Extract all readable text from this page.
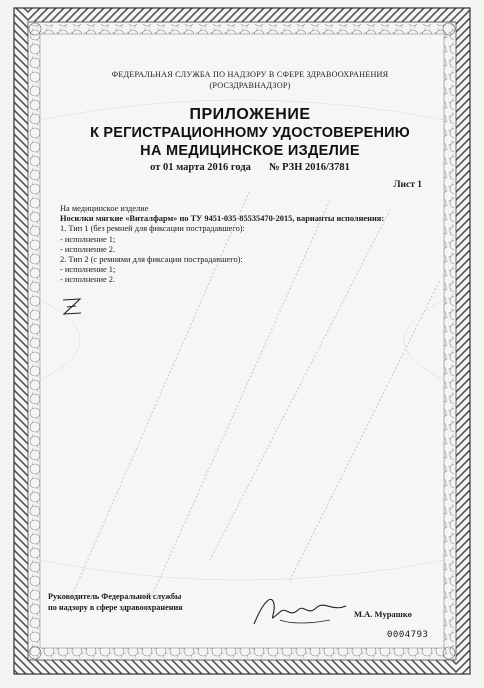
ФЕДЕРАЛЬНАЯ СЛУЖБА ПО НАДЗОРУ В СФЕРЕ ЗДРАВООХРАНЕНИЯ
(РОСЗДРАВНАДЗОР)
ПРИЛОЖЕНИЕ
К РЕГИСТРАЦИОННОМУ УДОСТОВЕРЕНИЮ
НА МЕДИЦИНСКОЕ ИЗДЕЛИЕ
от 01 марта 2016 года № РЗН 2016/3781
Лист 1
На медицинское изделие
Носилки мягкие «Виталфарм» по ТУ 9451-035-85535470-2015, варианты исполнения:
1. Тип 1 (без ремней для фиксации пострадавшего):
- исполнение 1;
- исполнение 2.
2. Тип 2 (с ремнями для фиксации пострадавшего):
- исполнение 1;
- исполнение 2.
Руководитель Федеральной службы
по надзору в сфере здравоохранения
М.А. Мурашко
0004793
